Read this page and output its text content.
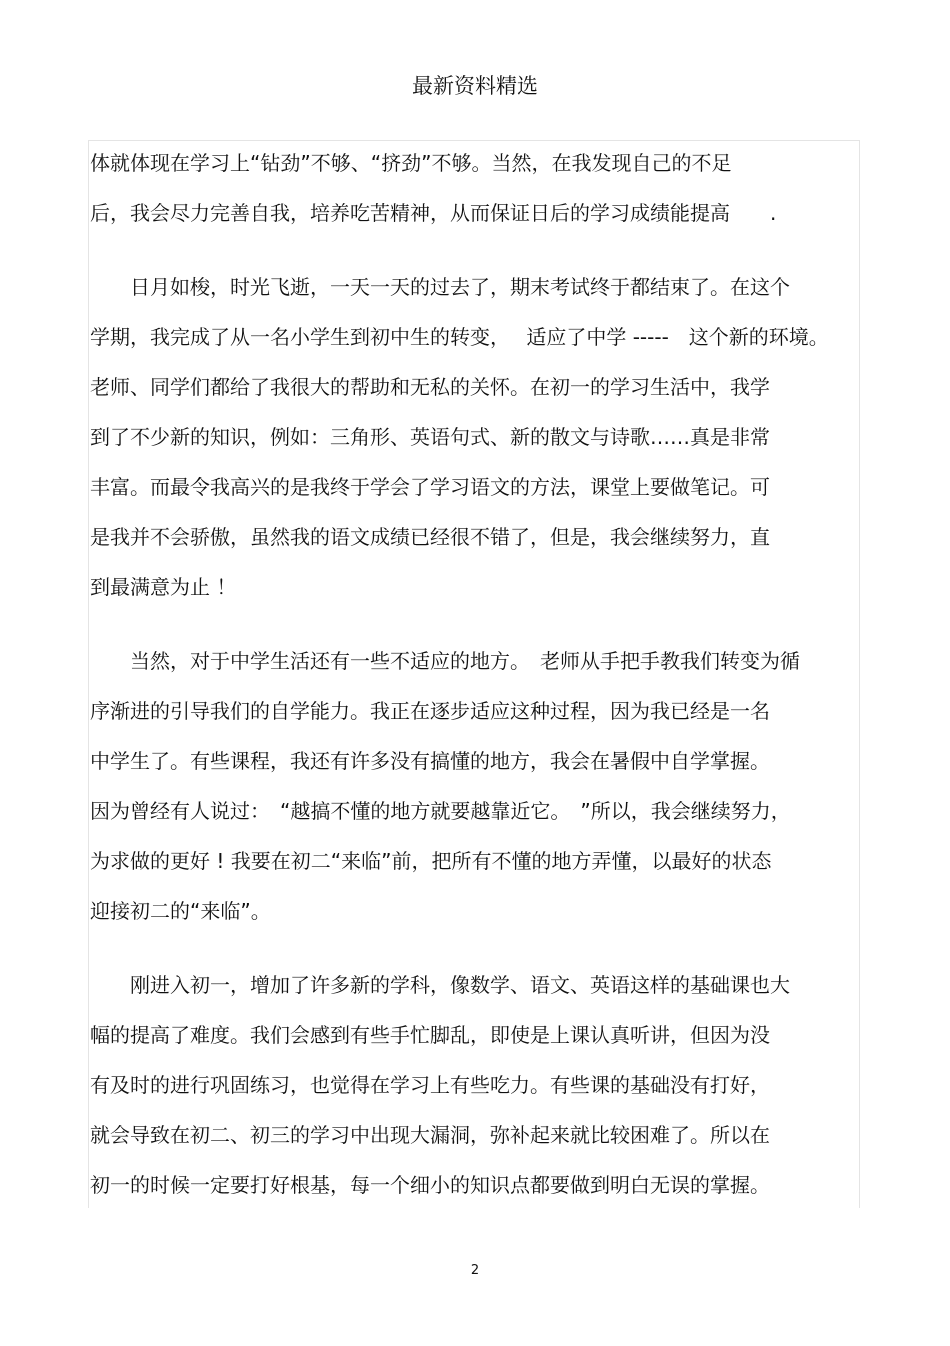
最新资料精选
体就体现在学习上“钻劲”不够、“挤劲”不够。当然，在我发现自己的不足
后，我会尽力完善自我，培养吃苦精神，从而保证日后的学习成绩能提高　　.
　　日月如梭，时光飞逝，一天一天的过去了，期末考试终于都结束了。在这个
学期，我完成了从一名小学生到初中生的转变，　 适应了中学 -----　这个新的环境。
老师、同学们都给了我很大的帮助和无私的关怀。在初一的学习生活中，我学
到了不少新的知识，例如：三角形、英语句式、新的散文与诗歌……真是非常
丰富。而最令我高兴的是我终于学会了学习语文的方法，课堂上要做笔记。可
是我并不会骄傲，虽然我的语文成绩已经很不错了，但是，我会继续努力，直
到最满意为止 ！
　　当然，对于中学生活还有一些不适应的地方。　老师从手把手教我们转变为循
序渐进的引导我们的自学能力。我正在逐步适应这种过程，因为我已经是一名
中学生了。有些课程，我还有许多没有搞懂的地方，我会在暑假中自学掌握。
因为曾经有人说过：　“越搞不懂的地方就要越靠近它。　”所以，我会继续努力，
为求做的更好 ! 我要在初二“来临”前，把所有不懂的地方弄懂，以最好的状态
迎接初二的“来临”。
　　刚进入初一，增加了许多新的学科，像数学、语文、英语这样的基础课也大
幅的提高了难度。我们会感到有些手忙脚乱，即使是上课认真听讲，但因为没
有及时的进行巩固练习，也觉得在学习上有些吃力。有些课的基础没有打好，
就会导致在初二、初三的学习中出现大漏洞，弥补起来就比较困难了。所以在
初一的时候一定要打好根基，每一个细小的知识点都要做到明白无误的掌握。
2
